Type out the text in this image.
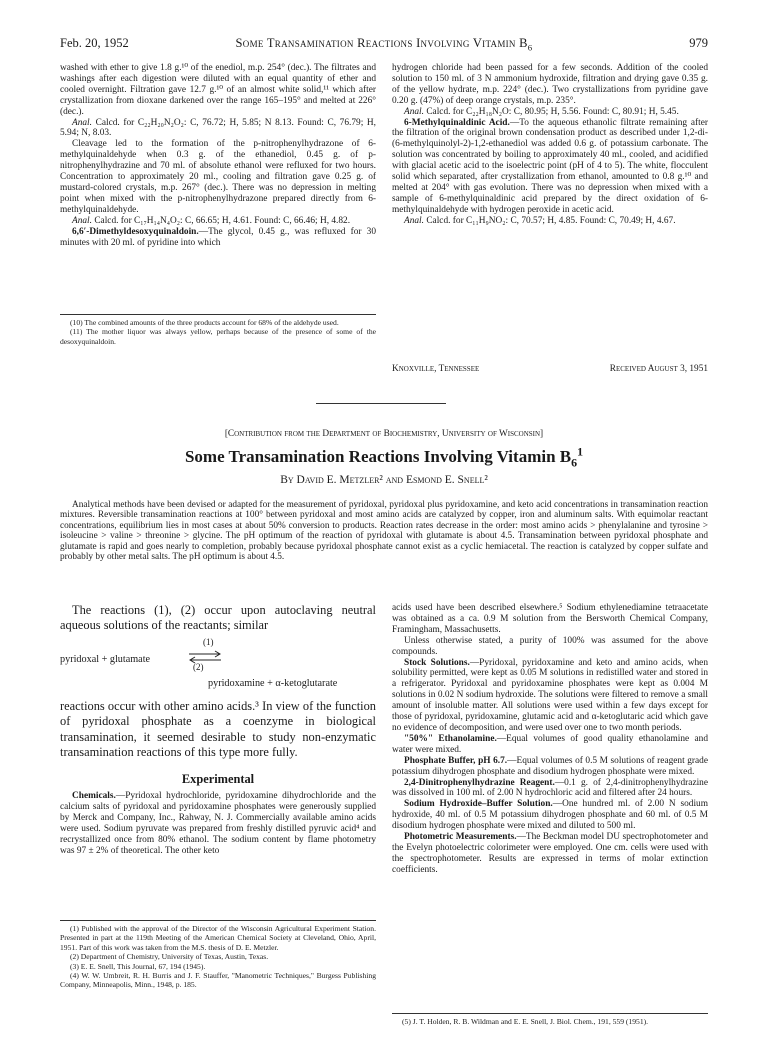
Feb. 20, 1952	Some Transamination Reactions Involving Vitamin $B_6$	979

washed with ether to give 1.8 g.¹⁰ of the enediol, m.p. 254° (dec.). The filtrates and washings after each digestion were diluted with an equal quantity of ether and cooled overnight. Filtration gave 12.7 g.¹⁰ of an almost white solid,¹¹ which after crystallization from dioxane darkened over the range 165–195° and melted at 226° (dec.).

Anal. Calcd. for C₂₂H₂₀N₂O₂: C, 76.72; H, 5.85; N 8.13. Found: C, 76.79; H, 5.94; N, 8.03.

Cleavage led to the formation of the p-nitrophenylhydrazone of 6-methylquinaldehyde when 0.3 g. of the ethanediol, 0.45 g. of p-nitrophenylhydrazine and 70 ml. of absolute ethanol were refluxed for two hours. Concentration to approximately 20 ml., cooling and filtration gave 0.25 g. of mustard-colored crystals, m.p. 267° (dec.). There was no depression in melting point when mixed with the p-nitrophenylhydrazone prepared directly from 6-methylquinaldehyde.

Anal. Calcd. for C₁₇H₁₄N₄O₂: C, 66.65; H, 4.61. Found: C, 66.46; H, 4.82.

6,6′-Dimethyldesoxyquinaldoin.—The glycol, 0.45 g., was refluxed for 30 minutes with 20 ml. of pyridine into which

(10) The combined amounts of the three products account for 68% of the aldehyde used.

(11) The mother liquor was always yellow, perhaps because of the presence of some of the desoxyquinaldoin.

hydrogen chloride had been passed for a few seconds. Addition of the cooled solution to 150 ml. of 3 N ammonium hydroxide, filtration and drying gave 0.35 g. of the yellow hydrate, m.p. 224° (dec.). Two crystallizations from pyridine gave 0.20 g. (47%) of deep orange crystals, m.p. 235°.

Anal. Calcd. for C₂₂H₁₈N₂O: C, 80.95; H, 5.56. Found: C, 80.91; H, 5.45.

6-Methylquinaldinic Acid.—To the aqueous ethanolic filtrate remaining after the filtration of the original brown condensation product as described under 1,2-di-(6-methylquinolyl-2)-1,2-ethanediol was added 0.6 g. of potassium carbonate. The solution was concentrated by boiling to approximately 40 ml., cooled, and acidified with glacial acetic acid to the isoelectric point (pH of 4 to 5). The white, flocculent solid which separated, after crystallization from ethanol, amounted to 0.8 g.¹⁰ and melted at 204° with gas evolution. There was no depression when mixed with a sample of 6-methylquinaldinic acid prepared by the direct oxidation of 6-methylquinaldehyde with hydrogen peroxide in acetic acid.

Anal. Calcd. for C₁₁H₉NO₂: C, 70.57; H, 4.85. Found: C, 70.49; H, 4.67.

Knoxville, Tennessee	Received August 3, 1951
[Contribution from the Department of Biochemistry, University of Wisconsin]
Some Transamination Reactions Involving Vitamin $B_6^1$
By David E. Metzler² and Esmond E. Snell²

Analytical methods have been devised or adapted for the measurement of pyridoxal, pyridoxal plus pyridoxamine, and keto acid concentrations in transamination reaction mixtures. Reversible transamination reactions at 100° between pyridoxal and most amino acids are catalyzed by copper, iron and aluminum salts. With equimolar reactant concentrations, equilibrium lies in most cases at about 50% conversion to products. Reaction rates decrease in the order: most amino acids > phenylalanine and tyrosine > isoleucine > valine > threonine > glycine. The pH optimum of the reaction of pyridoxal with glutamate is about 4.5. Transamination between pyridoxal phosphate and glutamate is rapid and goes nearly to completion, probably because pyridoxal phosphate cannot exist as a cyclic hemiacetal. The reaction is catalyzed by copper sulfate and probably by other metal salts. The pH optimum is about 4.5.

The reactions (1), (2) occur upon autoclaving neutral aqueous solutions of the reactants; similar

pyridoxal + glutamate
(1)
(2)
pyridoxamine + α-ketoglutarate

reactions occur with other amino acids.³ In view of the function of pyridoxal phosphate as a coenzyme in biological transamination, it seemed desirable to study non-enzymatic transamination reactions of this type more fully.

Experimental

Chemicals.—Pyridoxal hydrochloride, pyridoxamine dihydrochloride and the calcium salts of pyridoxal and pyridoxamine phosphates were generously supplied by Merck and Company, Inc., Rahway, N. J. Commercially available amino acids were used. Sodium pyruvate was prepared from freshly distilled pyruvic acid⁴ and recrystallized once from 80% ethanol. The sodium content by flame photometry was 97 ± 2% of theoretical. The other keto

(1) Published with the approval of the Director of the Wisconsin Agricultural Experiment Station. Presented in part at the 119th Meeting of the American Chemical Society at Cleveland, Ohio, April, 1951. Part of this work was taken from the M.S. thesis of D. E. Metzler.

(2) Department of Chemistry, University of Texas, Austin, Texas.

(3) E. E. Snell, This Journal, 67, 194 (1945).

(4) W. W. Umbreit, R. H. Burris and J. F. Stauffer, "Manometric Techniques," Burgess Publishing Company, Minneapolis, Minn., 1948, p. 185.

acids used have been described elsewhere.⁵ Sodium ethylenediamine tetraacetate was obtained as a ca. 0.9 M solution from the Bersworth Chemical Company, Framingham, Massachusetts.

Unless otherwise stated, a purity of 100% was assumed for the above compounds.

Stock Solutions.—Pyridoxal, pyridoxamine and keto and amino acids, when solubility permitted, were kept as 0.05 M solutions in redistilled water and stored in a refrigerator. Pyridoxal and pyridoxamine phosphates were kept as 0.004 M solutions in 0.02 N sodium hydroxide. The solutions were filtered to remove a small amount of insoluble matter. All solutions were used within a few days except for those of pyridoxal, pyridoxamine, glutamic acid and α-ketoglutaric acid which gave no evidence of decomposition, and were used over one to two month periods.

"50%" Ethanolamine.—Equal volumes of good quality ethanolamine and water were mixed.

Phosphate Buffer, pH 6.7.—Equal volumes of 0.5 M solutions of reagent grade potassium dihydrogen phosphate and disodium hydrogen phosphate were mixed.

2,4-Dinitrophenylhydrazine Reagent.—0.1 g. of 2,4-dinitrophenylhydrazine was dissolved in 100 ml. of 2.00 N hydrochloric acid and filtered after 24 hours.

Sodium Hydroxide–Buffer Solution.—One hundred ml. of 2.00 N sodium hydroxide, 40 ml. of 0.5 M potassium dihydrogen phosphate and 60 ml. of 0.5 M disodium hydrogen phosphate were mixed and diluted to 500 ml.

Photometric Measurements.—The Beckman model DU spectrophotometer and the Evelyn photoelectric colorimeter were employed. One cm. cells were used with the spectrophotometer. Results are expressed in terms of molar extinction coefficients.

(5) J. T. Holden, R. B. Wildman and E. E. Snell, J. Biol. Chem., 191, 559 (1951).
